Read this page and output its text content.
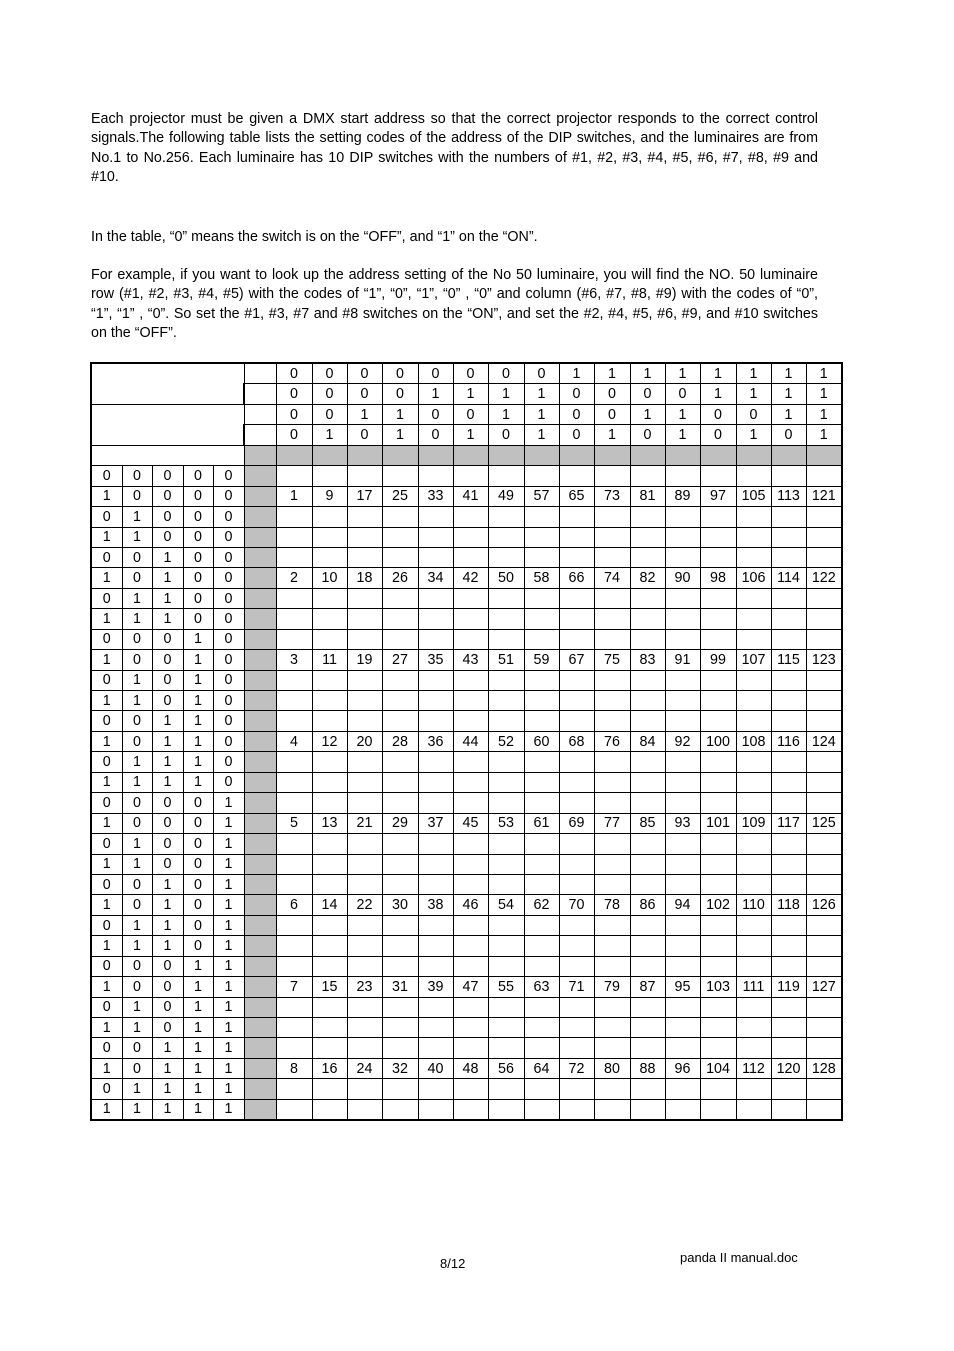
Each projector must be given a DMX start address so that the correct projector responds to the correct control signals.The following table lists the setting codes of the address of the DIP switches, and the luminaires are from No.1 to No.256. Each luminaire has 10 DIP switches with the numbers of #1, #2, #3, #4, #5, #6, #7, #8, #9 and #10.

In the table, “0” means the switch is on the “OFF”, and “1” on the “ON”.

For example, if you want to look up the address setting of the No 50 luminaire, you will find the NO. 50 luminaire row (#1, #2, #3, #4, #5) with the codes of “1”, “0”, “1”, “0” , “0” and column (#6, #7, #8, #9) with the codes of “0”, “1”, “1” , “0”. So set the #1, #3, #7 and #8 switches on the “ON”, and set the #2, #4, #5, #6, #9, and #10 switches on the “OFF”.

						0	0	0	0	0	0	0	0	1	1	1	1	1	1	1	1
						0	0	0	0	1	1	1	1	0	0	0	0	1	1	1	1
						0	0	1	1	0	0	1	1	0	0	1	1	0	0	1	1
						0	1	0	1	0	1	0	1	0	1	0	1	0	1	0	1

0	0	0	0	0																	
1	0	0	0	0		1	9	17	25	33	41	49	57	65	73	81	89	97	105	113	121
0	1	0	0	0																	
1	1	0	0	0																	
0	0	1	0	0																	
1	0	1	0	0		2	10	18	26	34	42	50	58	66	74	82	90	98	106	114	122
0	1	1	0	0																	
1	1	1	0	0																	
0	0	0	1	0																	
1	0	0	1	0		3	11	19	27	35	43	51	59	67	75	83	91	99	107	115	123
0	1	0	1	0																	
1	1	0	1	0																	
0	0	1	1	0																	
1	0	1	1	0		4	12	20	28	36	44	52	60	68	76	84	92	100	108	116	124
0	1	1	1	0																	
1	1	1	1	0																	
0	0	0	0	1																	
1	0	0	0	1		5	13	21	29	37	45	53	61	69	77	85	93	101	109	117	125
0	1	0	0	1																	
1	1	0	0	1																	
0	0	1	0	1																	
1	0	1	0	1		6	14	22	30	38	46	54	62	70	78	86	94	102	110	118	126
0	1	1	0	1																	
1	1	1	0	1																	
0	0	0	1	1																	
1	0	0	1	1		7	15	23	31	39	47	55	63	71	79	87	95	103	111	119	127
0	1	0	1	1																	
1	1	0	1	1																	
0	0	1	1	1																	
1	0	1	1	1		8	16	24	32	40	48	56	64	72	80	88	96	104	112	120	128
0	1	1	1	1																	
1	1	1	1	1																	
8/12	panda II manual.doc
